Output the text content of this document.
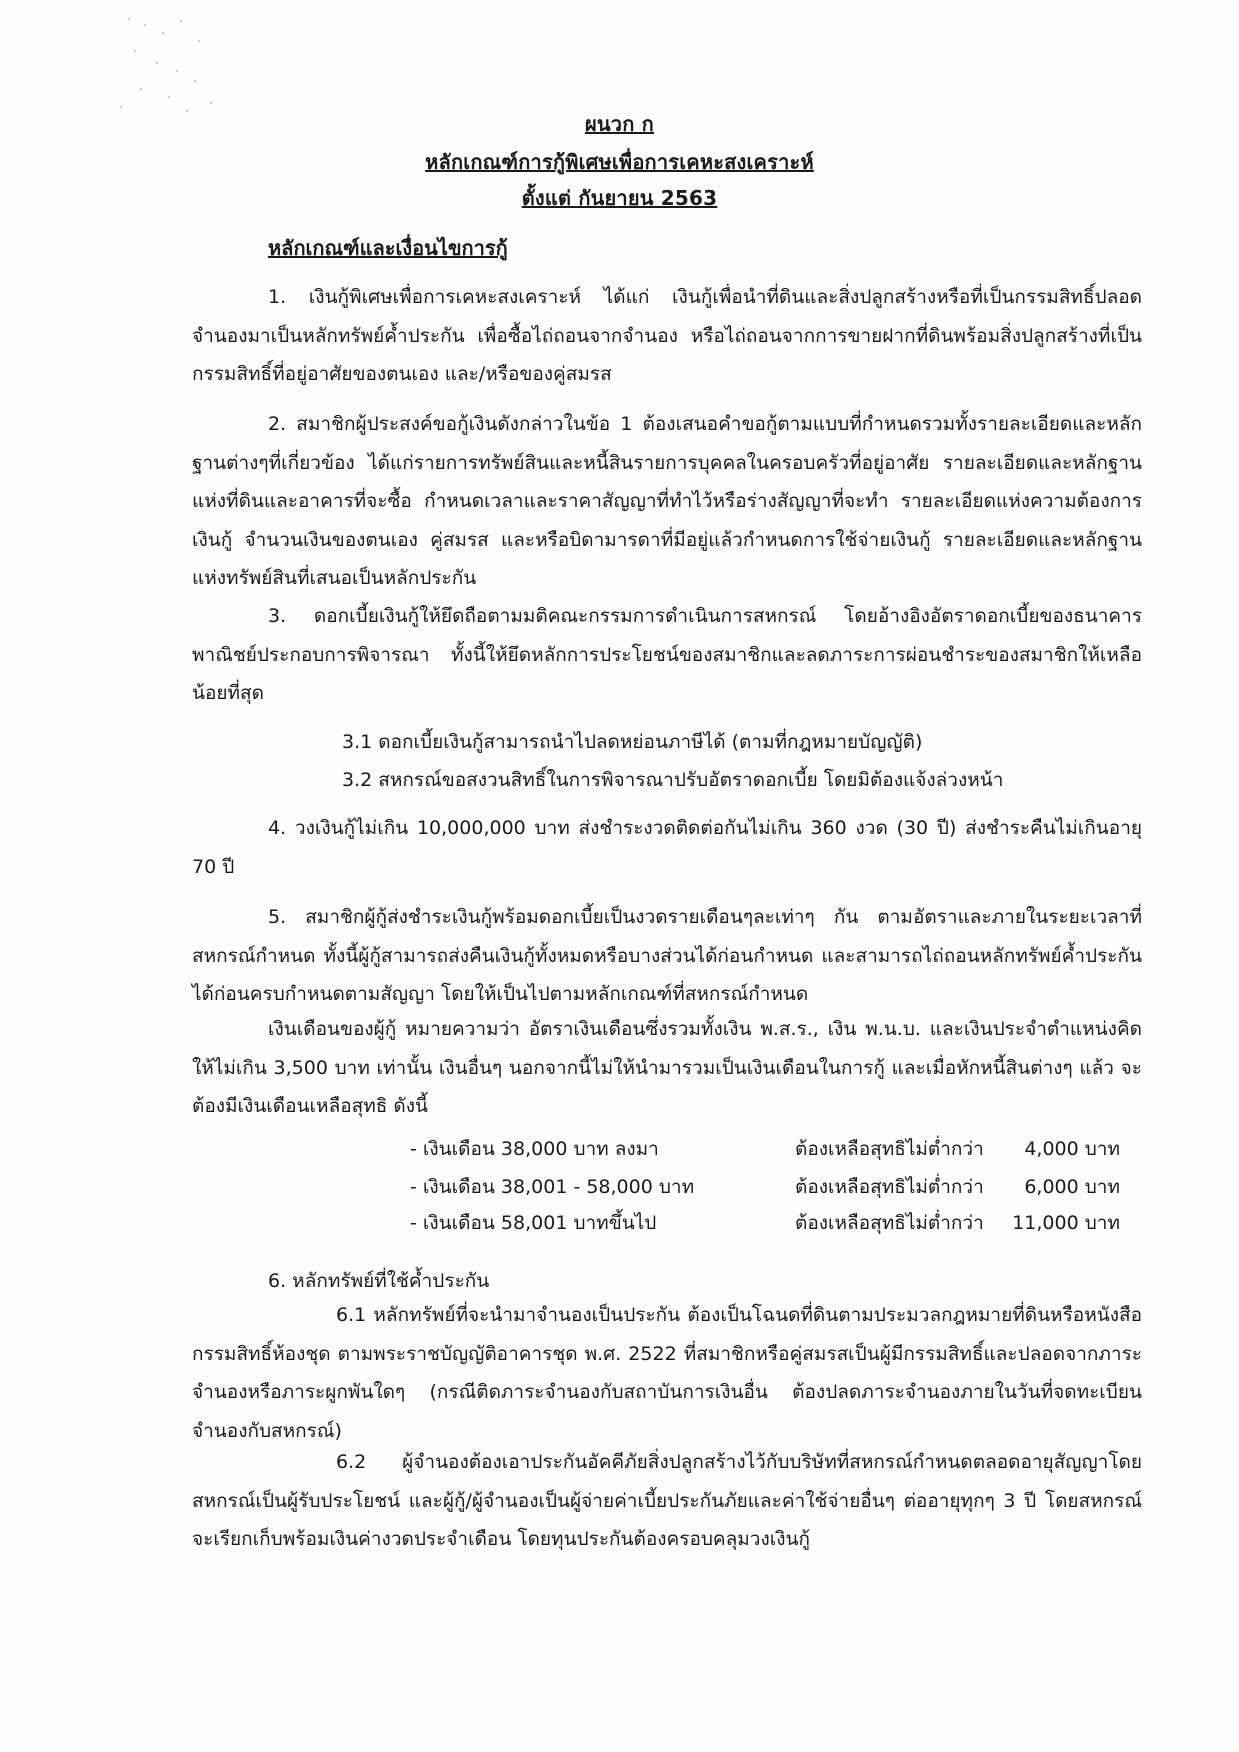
ผนวก ก
หลักเกณฑ์การกู้พิเศษเพื่อการเคหะสงเคราะห์
ตั้งแต่ กันยายน 2563
หลักเกณฑ์และเงื่อนไขการกู้
1. เงินกู้พิเศษเพื่อการเคหะสงเคราะห์ ได้แก่ เงินกู้เพื่อนำที่ดินและสิ่งปลูกสร้างหรือที่เป็นกรรมสิทธิ์ปลอดจำนองมาเป็นหลักทรัพย์ค้ำประกัน เพื่อซื้อไถ่ถอนจากจำนอง หรือไถ่ถอนจากการขายฝากที่ดินพร้อมสิ่งปลูกสร้างที่เป็นกรรมสิทธิ์ที่อยู่อาศัยของตนเอง และ/หรือของคู่สมรส
2. สมาชิกผู้ประสงค์ขอกู้เงินดังกล่าวในข้อ 1 ต้องเสนอคำขอกู้ตามแบบที่กำหนดรวมทั้งรายละเอียดและหลักฐานต่างๆที่เกี่ยวข้อง ได้แก่รายการทรัพย์สินและหนี้สินรายการบุคคลในครอบครัวที่อยู่อาศัย รายละเอียดและหลักฐานแห่งที่ดินและอาคารที่จะซื้อ กำหนดเวลาและราคาสัญญาที่ทำไว้หรือร่างสัญญาที่จะทำ รายละเอียดแห่งความต้องการเงินกู้ จำนวนเงินของตนเอง คู่สมรส และหรือบิดามารดาที่มีอยู่แล้วกำหนดการใช้จ่ายเงินกู้ รายละเอียดและหลักฐานแห่งทรัพย์สินที่เสนอเป็นหลักประกัน
3. ดอกเบี้ยเงินกู้ให้ยึดถือตามมติคณะกรรมการดำเนินการสหกรณ์ โดยอ้างอิงอัตราดอกเบี้ยของธนาคารพาณิชย์ประกอบการพิจารณา ทั้งนี้ให้ยึดหลักการประโยชน์ของสมาชิกและลดภาระการผ่อนชำระของสมาชิกให้เหลือน้อยที่สุด
3.1 ดอกเบี้ยเงินกู้สามารถนำไปลดหย่อนภาษีได้ (ตามที่กฎหมายบัญญัติ)
3.2 สหกรณ์ขอสงวนสิทธิ์ในการพิจารณาปรับอัตราดอกเบี้ย โดยมิต้องแจ้งล่วงหน้า
4. วงเงินกู้ไม่เกิน 10,000,000 บาท ส่งชำระงวดติดต่อกันไม่เกิน 360 งวด (30 ปี) ส่งชำระคืนไม่เกินอายุ 70 ปี
5. สมาชิกผู้กู้ส่งชำระเงินกู้พร้อมดอกเบี้ยเป็นงวดรายเดือนๆละเท่าๆ กัน ตามอัตราและภายในระยะเวลาที่สหกรณ์กำหนด ทั้งนี้ผู้กู้สามารถส่งคืนเงินกู้ทั้งหมดหรือบางส่วนได้ก่อนกำหนด และสามารถไถ่ถอนหลักทรัพย์ค้ำประกันได้ก่อนครบกำหนดตามสัญญา โดยให้เป็นไปตามหลักเกณฑ์ที่สหกรณ์กำหนด
เงินเดือนของผู้กู้ หมายความว่า อัตราเงินเดือนซึ่งรวมทั้งเงิน พ.ส.ร., เงิน พ.น.บ. และเงินประจำตำแหน่งคิดให้ไม่เกิน 3,500 บาท เท่านั้น เงินอื่นๆ นอกจากนี้ไม่ให้นำมารวมเป็นเงินเดือนในการกู้ และเมื่อหักหนี้สินต่างๆ แล้ว จะต้องมีเงินเดือนเหลือสุทธิ ดังนี้
- เงินเดือน 38,000 บาท ลงมา	ต้องเหลือสุทธิไม่ต่ำกว่า	4,000 บาท
- เงินเดือน 38,001 - 58,000 บาท	ต้องเหลือสุทธิไม่ต่ำกว่า	6,000 บาท
- เงินเดือน 58,001 บาทขึ้นไป	ต้องเหลือสุทธิไม่ต่ำกว่า 11,000 บาท
6. หลักทรัพย์ที่ใช้ค้ำประกัน
6.1 หลักทรัพย์ที่จะนำมาจำนองเป็นประกัน ต้องเป็นโฉนดที่ดินตามประมวลกฎหมายที่ดินหรือหนังสือกรรมสิทธิ์ห้องชุด ตามพระราชบัญญัติอาคารชุด พ.ศ. 2522 ที่สมาชิกหรือคู่สมรสเป็นผู้มีกรรมสิทธิ์และปลอดจากภาระจำนองหรือภาระผูกพันใดๆ (กรณีติดภาระจำนองกับสถาบันการเงินอื่น ต้องปลดภาระจำนองภายในวันที่จดทะเบียนจำนองกับสหกรณ์)
6.2 ผู้จำนองต้องเอาประกันอัคคีภัยสิ่งปลูกสร้างไว้กับบริษัทที่สหกรณ์กำหนดตลอดอายุสัญญาโดยสหกรณ์เป็นผู้รับประโยชน์ และผู้กู้/ผู้จำนองเป็นผู้จ่ายค่าเบี้ยประกันภัยและค่าใช้จ่ายอื่นๆ ต่ออายุทุกๆ 3 ปี โดยสหกรณ์จะเรียกเก็บพร้อมเงินค่างวดประจำเดือน โดยทุนประกันต้องครอบคลุมวงเงินกู้
